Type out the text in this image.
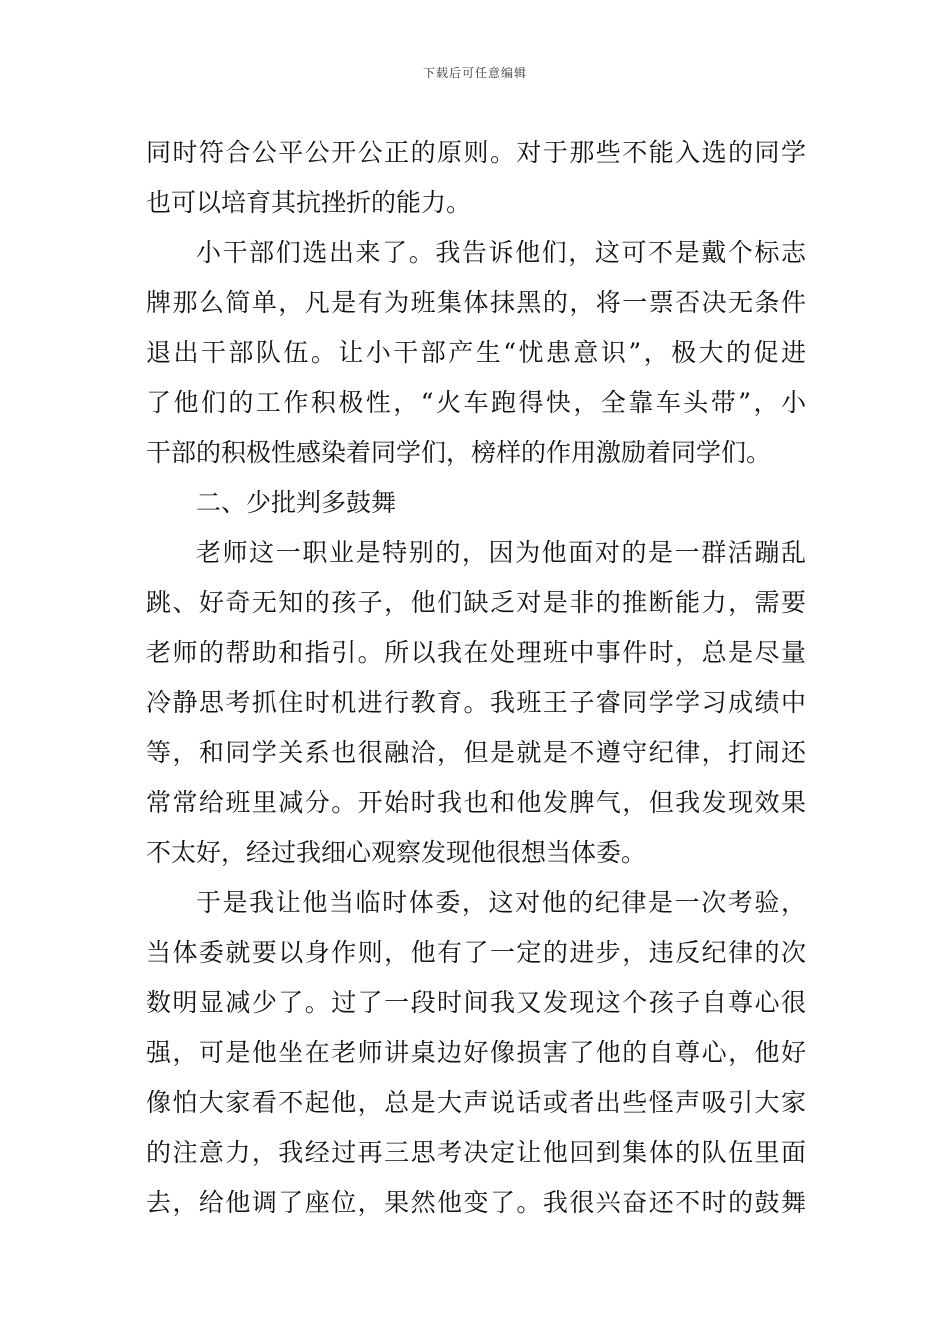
下载后可任意编辑
同时符合公平公开公正的原则。对于那些不能入选的同学
也可以培育其抗挫折的能力。
小干部们选出来了。我告诉他们，这可不是戴个标志
牌那么简单，凡是有为班集体抹黑的，将一票否决无条件
退出干部队伍。让小干部产生“忧患意识”，极大的促进
了他们的工作积极性，“火车跑得快，全靠车头带”，小
干部的积极性感染着同学们，榜样的作用激励着同学们。
二、少批判多鼓舞
老师这一职业是特别的，因为他面对的是一群活蹦乱
跳、好奇无知的孩子，他们缺乏对是非的推断能力，需要
老师的帮助和指引。所以我在处理班中事件时，总是尽量
冷静思考抓住时机进行教育。我班王子睿同学学习成绩中
等，和同学关系也很融洽，但是就是不遵守纪律，打闹还
常常给班里减分。开始时我也和他发脾气，但我发现效果
不太好，经过我细心观察发现他很想当体委。
于是我让他当临时体委，这对他的纪律是一次考验，
当体委就要以身作则，他有了一定的进步，违反纪律的次
数明显减少了。过了一段时间我又发现这个孩子自尊心很
强，可是他坐在老师讲桌边好像损害了他的自尊心，他好
像怕大家看不起他，总是大声说话或者出些怪声吸引大家
的注意力，我经过再三思考决定让他回到集体的队伍里面
去，给他调了座位，果然他变了。我很兴奋还不时的鼓舞
